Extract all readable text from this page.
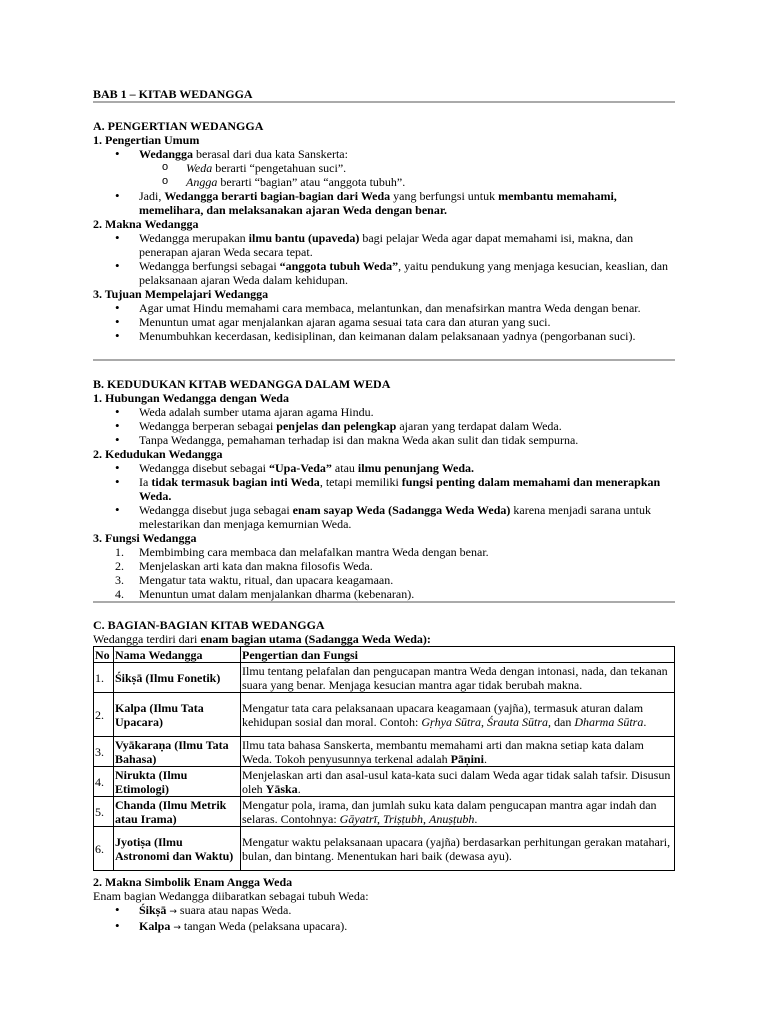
BAB 1 – KITAB WEDANGGA
A. PENGERTIAN WEDANGGA
1. Pengertian Umum
• Wedangga berasal dari dua kata Sanskerta:
o Weda berarti “pengetahuan suci”.
o Angga berarti “bagian” atau “anggota tubuh”.
• Jadi, Wedangga berarti bagian-bagian dari Weda yang berfungsi untuk membantu memahami, memelihara, dan melaksanakan ajaran Weda dengan benar.
2. Makna Wedangga
• Wedangga merupakan ilmu bantu (upaveda) bagi pelajar Weda agar dapat memahami isi, makna, dan penerapan ajaran Weda secara tepat.
• Wedangga berfungsi sebagai “anggota tubuh Weda”, yaitu pendukung yang menjaga kesucian, keaslian, dan pelaksanaan ajaran Weda dalam kehidupan.
3. Tujuan Mempelajari Wedangga
• Agar umat Hindu memahami cara membaca, melantunkan, dan menafsirkan mantra Weda dengan benar.
• Menuntun umat agar menjalankan ajaran agama sesuai tata cara dan aturan yang suci.
• Menumbuhkan kecerdasan, kedisiplinan, dan keimanan dalam pelaksanaan yadnya (pengorbanan suci).
B. KEDUDUKAN KITAB WEDANGGA DALAM WEDA
1. Hubungan Wedangga dengan Weda
• Weda adalah sumber utama ajaran agama Hindu.
• Wedangga berperan sebagai penjelas dan pelengkap ajaran yang terdapat dalam Weda.
• Tanpa Wedangga, pemahaman terhadap isi dan makna Weda akan sulit dan tidak sempurna.
2. Kedudukan Wedangga
• Wedangga disebut sebagai “Upa-Veda” atau ilmu penunjang Weda.
• Ia tidak termasuk bagian inti Weda, tetapi memiliki fungsi penting dalam memahami dan menerapkan Weda.
• Wedangga disebut juga sebagai enam sayap Weda (Sadangga Weda Weda) karena menjadi sarana untuk melestarikan dan menjaga kemurnian Weda.
3. Fungsi Wedangga
1. Membimbing cara membaca dan melafalkan mantra Weda dengan benar.
2. Menjelaskan arti kata dan makna filosofis Weda.
3. Mengatur tata waktu, ritual, dan upacara keagamaan.
4. Menuntun umat dalam menjalankan dharma (kebenaran).
C. BAGIAN-BAGIAN KITAB WEDANGGA
Wedangga terdiri dari enam bagian utama (Sadangga Weda Weda):
No	Nama Wedangga	Pengertian dan Fungsi
1.	Śikṣā (Ilmu Fonetik)	Ilmu tentang pelafalan dan pengucapan mantra Weda dengan intonasi, nada, dan tekanan suara yang benar. Menjaga kesucian mantra agar tidak berubah makna.
2.	Kalpa (Ilmu Tata Upacara)	Mengatur tata cara pelaksanaan upacara keagamaan (yajña), termasuk aturan dalam kehidupan sosial dan moral. Contoh: Gṛhya Sūtra, Śrauta Sūtra, dan Dharma Sūtra.
3.	Vyākaraṇa (Ilmu Tata Bahasa)	Ilmu tata bahasa Sanskerta, membantu memahami arti dan makna setiap kata dalam Weda. Tokoh penyusunnya terkenal adalah Pāṇini.
4.	Nirukta (Ilmu Etimologi)	Menjelaskan arti dan asal-usul kata-kata suci dalam Weda agar tidak salah tafsir. Disusun oleh Yāska.
5.	Chanda (Ilmu Metrik atau Irama)	Mengatur pola, irama, dan jumlah suku kata dalam pengucapan mantra agar indah dan selaras. Contohnya: Gāyatrī, Triṣṭubh, Anuṣṭubh.
6.	Jyotiṣa (Ilmu Astronomi dan Waktu)	Mengatur waktu pelaksanaan upacara (yajña) berdasarkan perhitungan gerakan matahari, bulan, dan bintang. Menentukan hari baik (dewasa ayu).
2. Makna Simbolik Enam Angga Weda
Enam bagian Wedangga diibaratkan sebagai tubuh Weda:
• Śikṣā → suara atau napas Weda.
• Kalpa → tangan Weda (pelaksana upacara).
